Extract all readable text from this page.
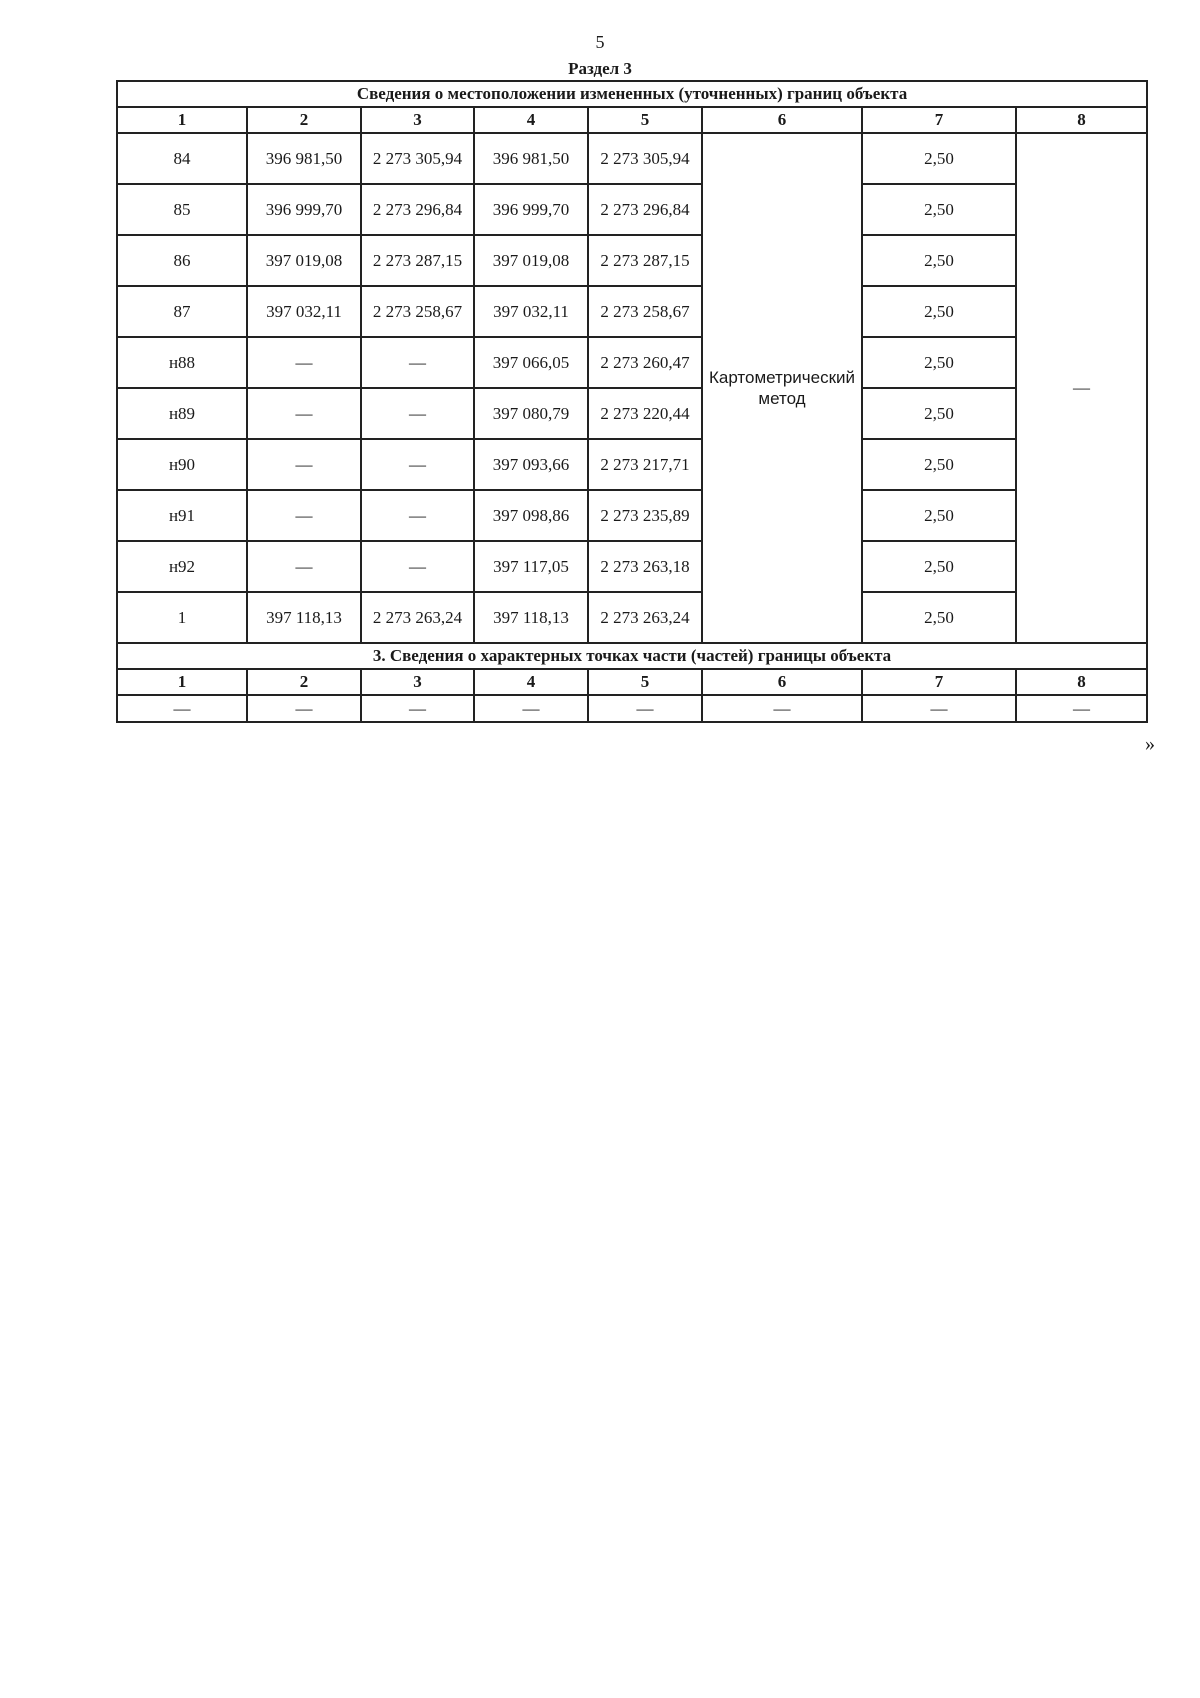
5
Раздел 3
Сведения о местоположении измененных (уточненных) границ объекта							
1	2	3	4	5	6	7	8
84	396 981,50	2 273 305,94	396 981,50	2 273 305,94	Картометрический метод	2,50	—
85	396 999,70	2 273 296,84	396 999,70	2 273 296,84		2,50	
86	397 019,08	2 273 287,15	397 019,08	2 273 287,15		2,50	
87	397 032,11	2 273 258,67	397 032,11	2 273 258,67		2,50	
н88	—	—	397 066,05	2 273 260,47		2,50	
н89	—	—	397 080,79	2 273 220,44		2,50	
н90	—	—	397 093,66	2 273 217,71		2,50	
н91	—	—	397 098,86	2 273 235,89		2,50	
н92	—	—	397 117,05	2 273 263,18		2,50	
1	397 118,13	2 273 263,24	397 118,13	2 273 263,24		2,50	
3. Сведения о характерных точках части (частей) границы объекта							
1	2	3	4	5	6	7	8
—	—	—	—	—	—	—	—
»
